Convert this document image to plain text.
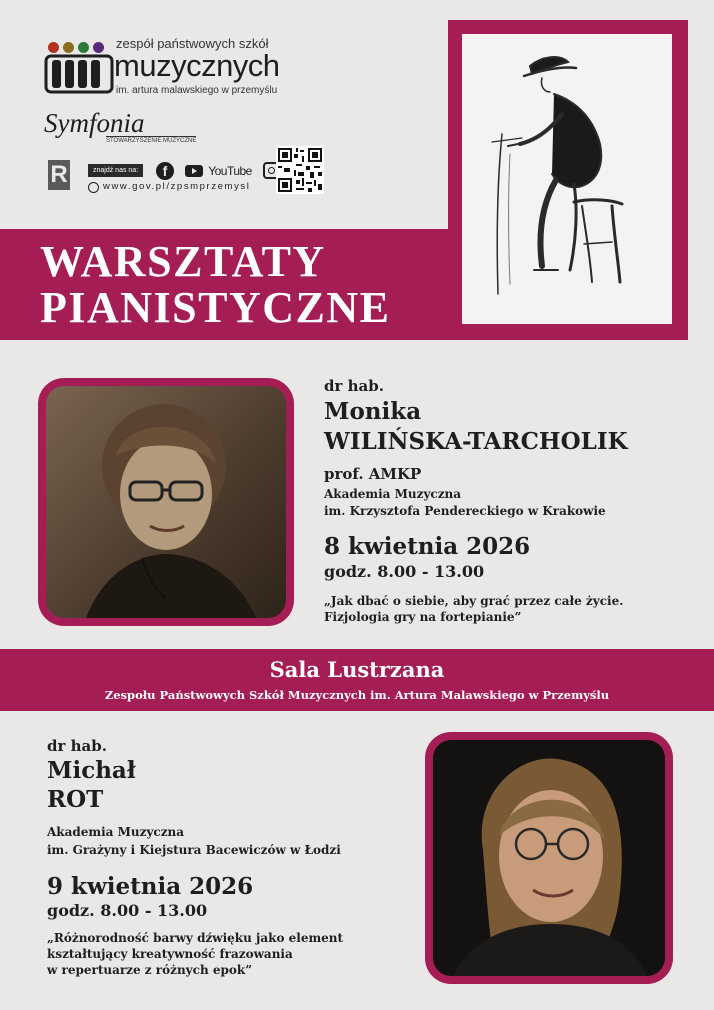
zespół państwowych szkół
muzycznych
im. artura malawskiego w przemyślu
Symfonia
STOWARZYSZENIE MUZYCZNE
R	znajdź nas na:	f	YouTube
www.gov.pl/zpsmprzemysl
WARSZTATY
PIANISTYCZNE
dr hab.
Monika
WILIŃSKA-TARCHOLIK
prof. AMKP
Akademia Muzyczna
im. Krzysztofa Pendereckiego w Krakowie
8 kwietnia 2026
godz. 8.00 - 13.00
„Jak dbać o siebie, aby grać przez całe życie.
Fizjologia gry na fortepianie”
Sala Lustrzana
Zespołu Państwowych Szkół Muzycznych im. Artura Malawskiego w Przemyślu
dr hab.
Michał
ROT
Akademia Muzyczna
im. Grażyny i Kiejstura Bacewiczów w Łodzi
9 kwietnia 2026
godz. 8.00 - 13.00
„Różnorodność barwy dźwięku jako element
kształtujący kreatywność frazowania
w repertuarze z różnych epok”
